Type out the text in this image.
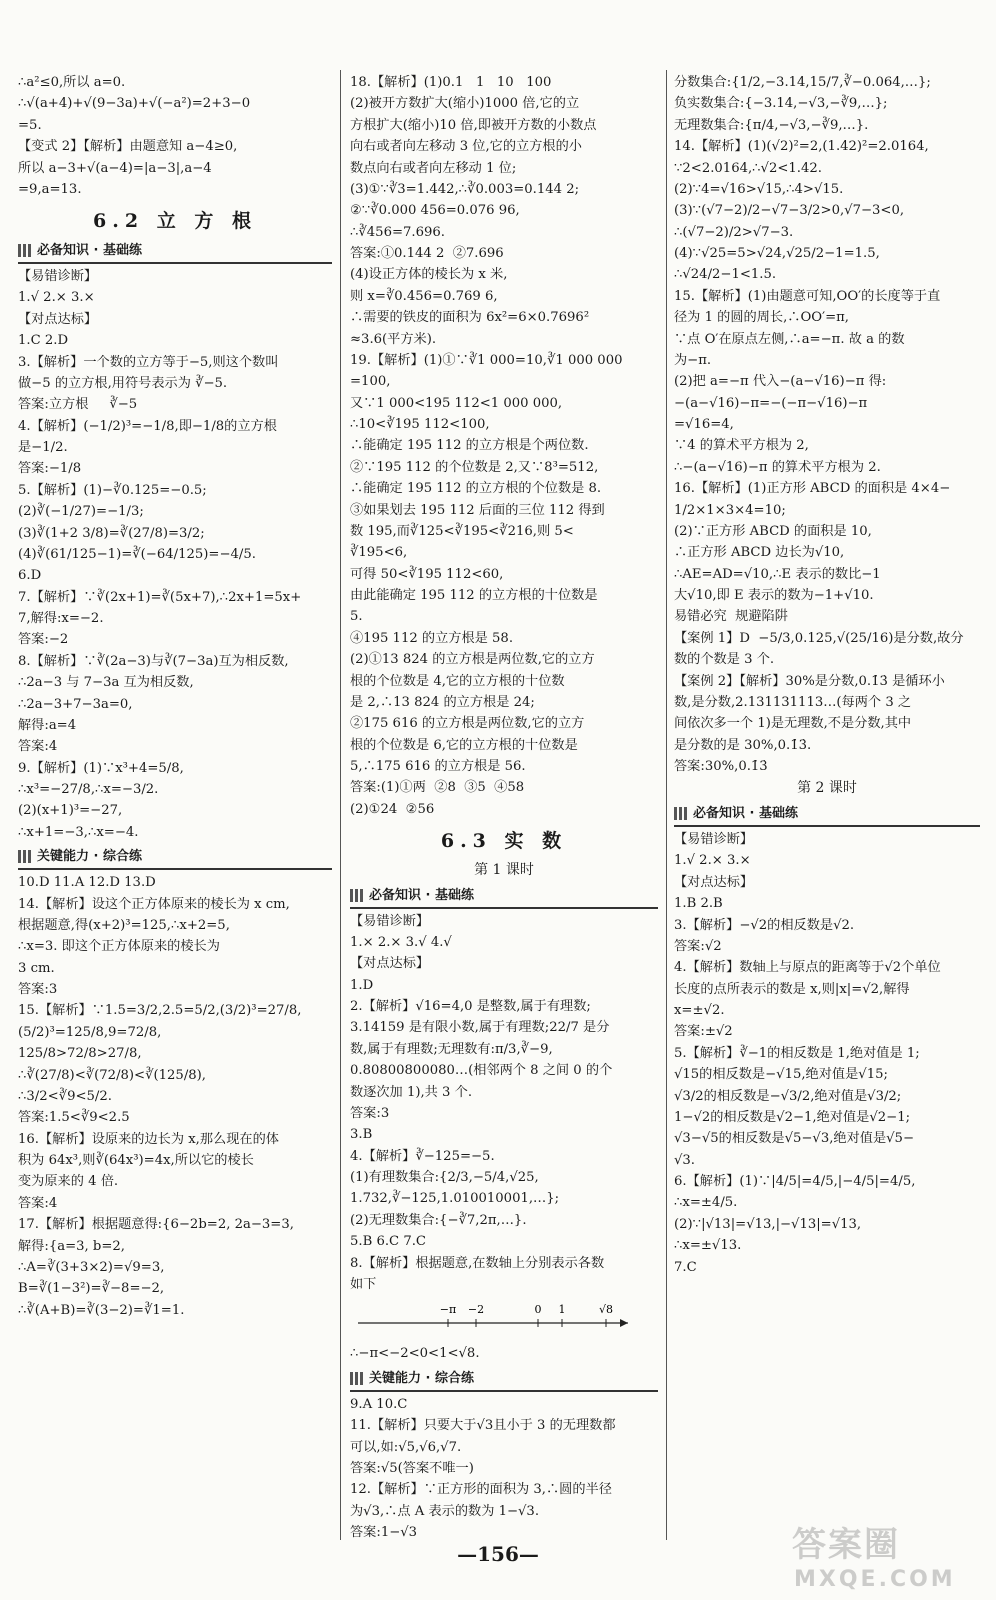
∴a²≤0,所以 a=0.

∴√(a+4)+√(9−3a)+√(−a²)=2+3−0

=5.

【变式 2】【解析】由题意知 a−4≥0,

所以 a−3+√(a−4)=|a−3|,a−4

=9,a=13.

6.2 立 方 根
必备知识 · 基础练

【易错诊断】

1.√ 2.× 3.×

【对点达标】

1.C 2.D

3.【解析】一个数的立方等于−5,则这个数叫

做−5 的立方根,用符号表示为 ∛−5.

答案:立方根     ∛−5

4.【解析】(−1/2)³=−1/8,即−1/8的立方根

是−1/2.

答案:−1/8

5.【解析】(1)−∛0.125=−0.5;

(2)∛(−1/27)=−1/3;

(3)∛(1+2 3/8)=∛(27/8)=3/2;

(4)∛(61/125−1)=∛(−64/125)=−4/5.

6.D

7.【解析】∵∛(2x+1)=∛(5x+7),∴2x+1=5x+

7,解得:x=−2.

答案:−2

8.【解析】∵∛(2a−3)与∛(7−3a)互为相反数,

∴2a−3 与 7−3a 互为相反数,

∴2a−3+7−3a=0,

解得:a=4

答案:4

9.【解析】(1)∵x³+4=5/8,

∴x³=−27/8,∴x=−3/2.

(2)(x+1)³=−27,

∴x+1=−3,∴x=−4.

关键能力 · 综合练

10.D 11.A 12.D 13.D

14.【解析】设这个正方体原来的棱长为 x cm,

根据题意,得(x+2)³=125,∴x+2=5,

∴x=3. 即这个正方体原来的棱长为

3 cm.

答案:3

15.【解析】∵1.5=3/2,2.5=5/2,(3/2)³=27/8,

(5/2)³=125/8,9=72/8,

125/8>72/8>27/8,

∴∛(27/8)<∛(72/8)<∛(125/8),

∴3/2<∛9<5/2.

答案:1.5<∛9<2.5

16.【解析】设原来的边长为 x,那么现在的体

积为 64x³,则∛(64x³)=4x,所以它的棱长

变为原来的 4 倍.

答案:4

17.【解析】根据题意得:{6−2b=2, 2a−3=3,

解得:{a=3, b=2,

∴A=∛(3+3×2)=√9=3,

B=∛(1−3²)=∛−8=−2,

∴∛(A+B)=∛(3−2)=∛1=1.

18.【解析】(1)0.1   1   10   100

(2)被开方数扩大(缩小)1000 倍,它的立

方根扩大(缩小)10 倍,即被开方数的小数点

向右或者向左移动 3 位,它的立方根的小

数点向右或者向左移动 1 位;

(3)①∵∛3=1.442,∴∛0.003=0.144 2;

②∵∛0.000 456=0.076 96,

∴∛456=7.696.

答案:①0.144 2  ②7.696

(4)设正方体的棱长为 x 米,

则 x=∛0.456=0.769 6,

∴需要的铁皮的面积为 6x²=6×0.7696²

≈3.6(平方米).

19.【解析】(1)①∵∛1 000=10,∛1 000 000

=100,

又∵1 000<195 112<1 000 000,

∴10<∛195 112<100,

∴能确定 195 112 的立方根是个两位数.

②∵195 112 的个位数是 2,又∵8³=512,

∴能确定 195 112 的立方根的个位数是 8.

③如果划去 195 112 后面的三位 112 得到

数 195,而∛125<∛195<∛216,则 5<

∛195<6,

可得 50<∛195 112<60,

由此能确定 195 112 的立方根的十位数是

5.

④195 112 的立方根是 58.

(2)①13 824 的立方根是两位数,它的立方

根的个位数是 4,它的立方根的十位数

是 2,∴13 824 的立方根是 24;

②175 616 的立方根是两位数,它的立方

根的个位数是 6,它的立方根的十位数是

5,∴175 616 的立方根是 56.

答案:(1)①两  ②8  ③5  ④58

(2)①24  ②56

6.3 实 数
第 1 课时
必备知识 · 基础练

【易错诊断】

1.× 2.× 3.√ 4.√

【对点达标】

1.D

2.【解析】√16=4,0 是整数,属于有理数;

3.14159 是有限小数,属于有理数;22/7 是分

数,属于有理数;无理数有:π/3,∛−9,

0.80800800080…(相邻两个 8 之间 0 的个

数逐次加 1),共 3 个.

答案:3

3.B

4.【解析】∛−125=−5.

(1)有理数集合:{2/3,−5/4,√25,

1.732,∛−125,1.010010001,…};

(2)无理数集合:{−∛7,2π,…}.

5.B 6.C 7.C

8.【解析】根据题意,在数轴上分别表示各数

如下

−π −2	0 1	√8

∴−π<−2<0<1<√8.

关键能力 · 综合练

9.A 10.C

11.【解析】只要大于√3且小于 3 的无理数都

可以,如:√5,√6,√7.

答案:√5(答案不唯一)

12.【解析】∵正方形的面积为 3,∴圆的半径

为√3,∴点 A 表示的数为 1−√3.

答案:1−√3

分数集合:{1/2,−3.14,15/7,∛−0.064,…};

负实数集合:{−3.14,−√3,−∛9,…};

无理数集合:{π/4,−√3,−∛9,…}.

14.【解析】(1)(√2)²=2,(1.42)²=2.0164,

∵2<2.0164,∴√2<1.42.

(2)∵4=√16>√15,∴4>√15.

(3)∵(√7−2)/2−√7−3/2>0,√7−3<0,

∴(√7−2)/2>√7−3.

(4)∵√25=5>√24,√25/2−1=1.5,

∴√24/2−1<1.5.

15.【解析】(1)由题意可知,OO′的长度等于直

径为 1 的圆的周长,∴OO′=π,

∵点 O′在原点左侧,∴a=−π. 故 a 的数

为−π.

(2)把 a=−π 代入−(a−√16)−π 得:

−(a−√16)−π=−(−π−√16)−π

=√16=4,

∵4 的算术平方根为 2,

∴−(a−√16)−π 的算术平方根为 2.

16.【解析】(1)正方形 ABCD 的面积是 4×4−

1/2×1×3×4=10;

(2)∵正方形 ABCD 的面积是 10,

∴正方形 ABCD 边长为√10,

∴AE=AD=√10,∴E 表示的数比−1

大√10,即 E 表示的数为−1+√10.

易错必究  规避陷阱

【案例 1】D  −5/3,0.125,√(25/16)是分数,故分

数的个数是 3 个.

【案例 2】【解析】30%是分数,0.1̇3̇ 是循环小

数,是分数,2.131131113…(每两个 3 之

间依次多一个 1)是无理数,不是分数,其中

是分数的是 30%,0.1̇3̇.

答案:30%,0.1̇3̇

第 2 课时
必备知识 · 基础练

【易错诊断】

1.√ 2.× 3.×

【对点达标】

1.B 2.B

3.【解析】−√2的相反数是√2.

答案:√2

4.【解析】数轴上与原点的距离等于√2个单位

长度的点所表示的数是 x,则|x|=√2,解得

x=±√2.

答案:±√2

5.【解析】∛−1的相反数是 1,绝对值是 1;

√15的相反数是−√15,绝对值是√15;

√3/2的相反数是−√3/2,绝对值是√3/2;

1−√2的相反数是√2−1,绝对值是√2−1;

√3−√5的相反数是√5−√3,绝对值是√5−

√3.

6.【解析】(1)∵|4/5|=4/5,|−4/5|=4/5,

∴x=±4/5.

(2)∵|√13|=√13,|−√13|=√13,

∴x=±√13.

7.C

—156—	答案圈
MXQE.COM
